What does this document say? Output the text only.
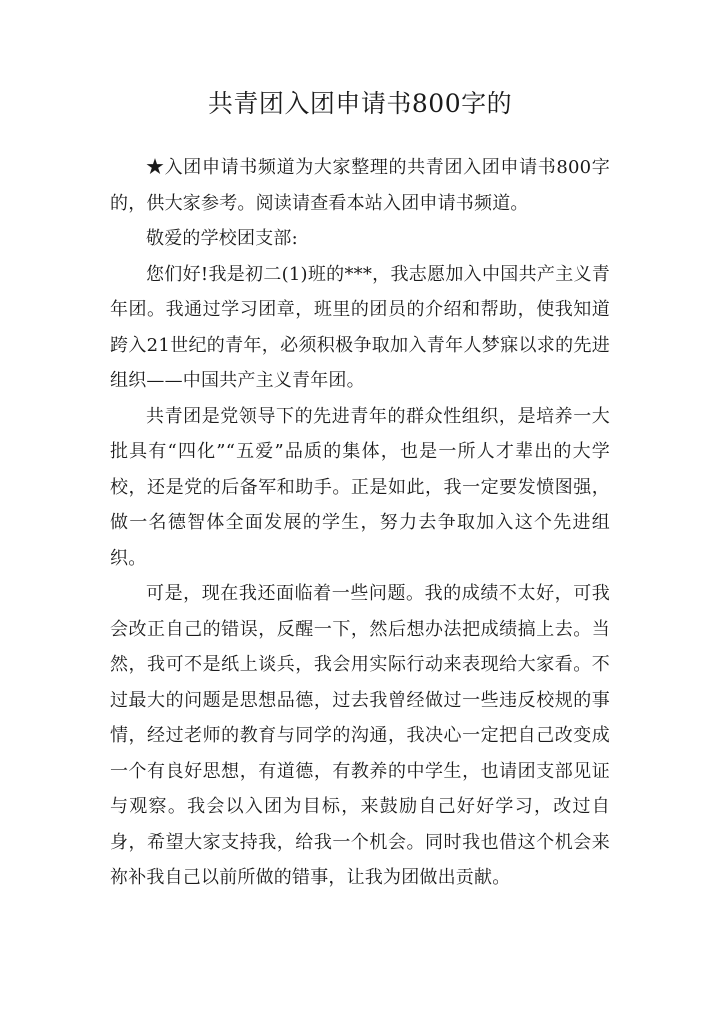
共青团入团申请书800字的

★入团申请书频道为大家整理的共青团入团申请书800字的，供大家参考。阅读请查看本站入团申请书频道。

敬爱的学校团支部:

您们好!我是初二(1)班的***，我志愿加入中国共产主义青年团。我通过学习团章，班里的团员的介绍和帮助，使我知道跨入21世纪的青年，必须积极争取加入青年人梦寐以求的先进组织——中国共产主义青年团。

共青团是党领导下的先进青年的群众性组织，是培养一大批具有“四化”“五爱”品质的集体，也是一所人才辈出的大学校，还是党的后备军和助手。正是如此，我一定要发愤图强，做一名德智体全面发展的学生，努力去争取加入这个先进组织。

可是，现在我还面临着一些问题。我的成绩不太好，可我会改正自己的错误，反醒一下，然后想办法把成绩搞上去。当然，我可不是纸上谈兵，我会用实际行动来表现给大家看。不过最大的问题是思想品德，过去我曾经做过一些违反校规的事情，经过老师的教育与同学的沟通，我决心一定把自己改变成一个有良好思想，有道德，有教养的中学生，也请团支部见证与观察。我会以入团为目标，来鼓励自己好好学习，改过自身，希望大家支持我，给我一个机会。同时我也借这个机会来祢补我自己以前所做的错事，让我为团做出贡献。
